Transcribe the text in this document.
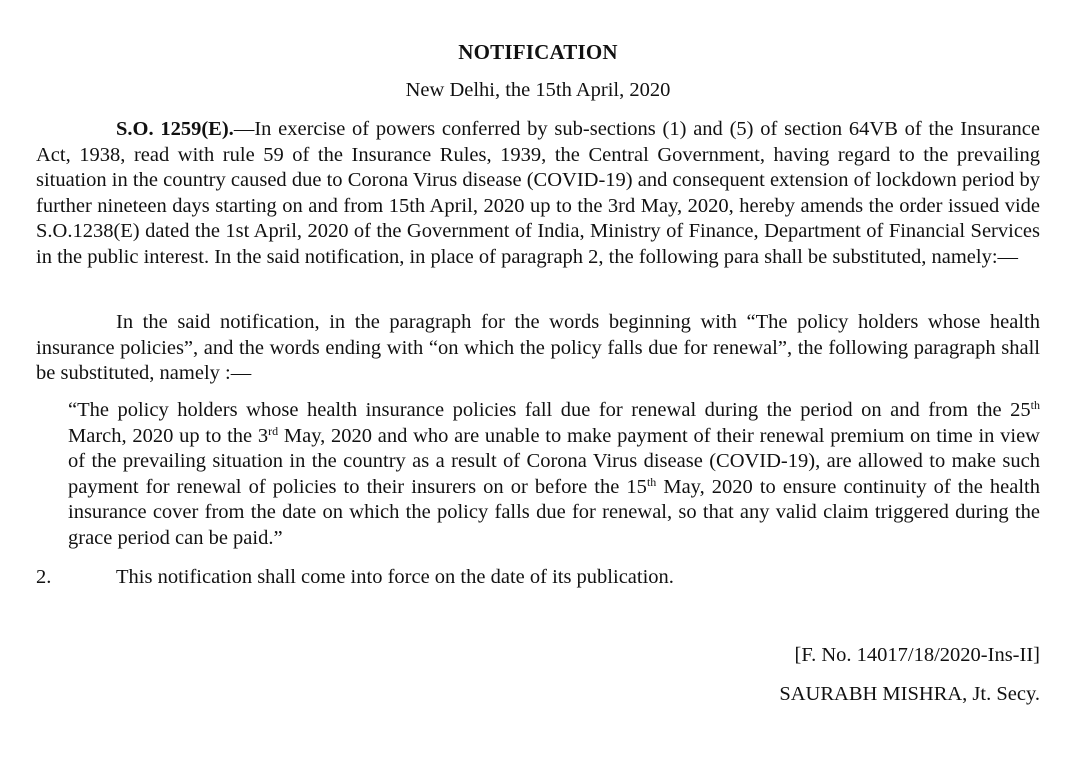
NOTIFICATION
New Delhi, the 15th April, 2020

S.O. 1259(E).—In exercise of powers conferred by sub-sections (1) and (5) of section 64VB of the Insurance Act, 1938, read with rule 59 of the Insurance Rules, 1939, the Central Government, having regard to the prevailing situation in the country caused due to Corona Virus disease (COVID-19) and consequent extension of lockdown period by further nineteen days starting on and from 15th April, 2020 up to the 3rd May, 2020, hereby amends the order issued vide S.O.1238(E) dated the 1st April, 2020 of the Government of India, Ministry of Finance, Department of Financial Services in the public interest. In the said notification, in place of paragraph 2, the following para shall be substituted, namely:—

In the said notification, in the paragraph for the words beginning with “The policy holders whose health insurance policies”, and the words ending with “on which the policy falls due for renewal”, the following paragraph shall be substituted, namely :—

“The policy holders whose health insurance policies fall due for renewal during the period on and from the 25th March, 2020 up to the 3rd May, 2020 and who are unable to make payment of their renewal premium on time in view of the prevailing situation in the country as a result of Corona Virus disease (COVID-19), are allowed to make such payment for renewal of policies to their insurers on or before the 15th May, 2020 to ensure continuity of the health insurance cover from the date on which the policy falls due for renewal, so that any valid claim triggered during the grace period can be paid.”

2.	This notification shall come into force on the date of its publication.
[F. No. 14017/18/2020-Ins-II]
SAURABH MISHRA, Jt. Secy.
